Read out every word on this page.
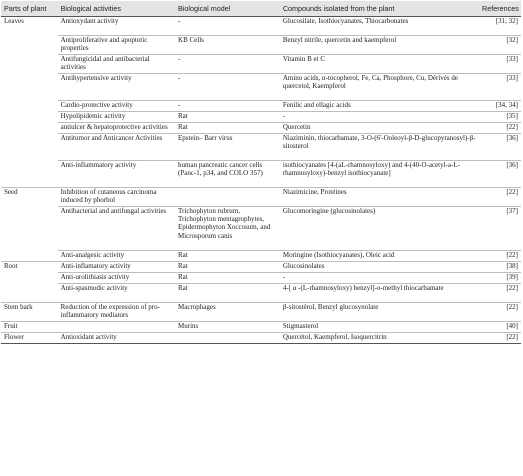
Parts of plant	Biological activities	Biological model	Compounds isolated from the plant	References
Leaves	Antioxydant activity	-	Glucosilate, Isothiocyanates, Thiocarbonates	[31, 32]
	Antiproliferative and apoptotic properties	KB Cells	Benzyl nitrile, quercetin and kaempferol	[32]
	Antifungicidal and antibacterial activities	-	Vitamin B et C	[33]
	Antihypertensive activity	-	Amino acids, α-tocopherol, Fe, Ca, Phosphore, Cu, Dérivés de quercetol, Kaempferol	[33]
	Cardio-protective activity	-	Fenilic and ellagic acids	[34, 34]
	Hypolipidemic activity	Rat	-	[35]
	antiulcer & hepatoprotective activities	Rat	Quercetin	[22]
	Antitumor and Anticancer Activities	Epstein– Barr virus	Niaziminin, thiocarbamate, 3-O-(6'-Ooleoyl-β-D-glucopyranosyl)-β-sitosterol	[36]
	Anti-inflammatory activity	human pancreatic cancer cells (Panc-1, p34, and COLO 357)	isothiocyanates [4-(aL-rhamnosyloxy) and 4-(40-O-acetyl-a-L-rhamnosyloxy)-benzyl isothiocyanate]	[36]
Seed	Inhibition of cutaneous carcinoma induced by phorbol		Niazimicine, Protéines	[22]
	Antibacterial and antifungal activities	Trichophyton rubrum, Trichophyton mentagrophytes, Epidermophyton Xoccosum, and Microsporum canis	Glucomoringine (glucosinolates)	[37]
	Anti-analgesic activity	Rat	Moringine (Isothiocyanates), Oleic acid	[22]
Root	Anti-inflamatory activity	Rat	Glucosinolates	[38]
	Anti-urolithiasis activity	Rat	-	[39]
	Anti-spasmodic activity	Rat	4-[ α -(L-rhamnosyloxy) benzyl]-o-methyl thiocarbamate	[22]
Stem bark	Reduction of the expression of pro-inflammatory mediators	Macrophages	β-sitostérol, Benzyl glucosynolate	[22]
Fruit		Murins	Stigmasterol	[40]
Flower	Antioxidant activity		Quercétol, Kaempferol, Isoquercitrin	[22]
